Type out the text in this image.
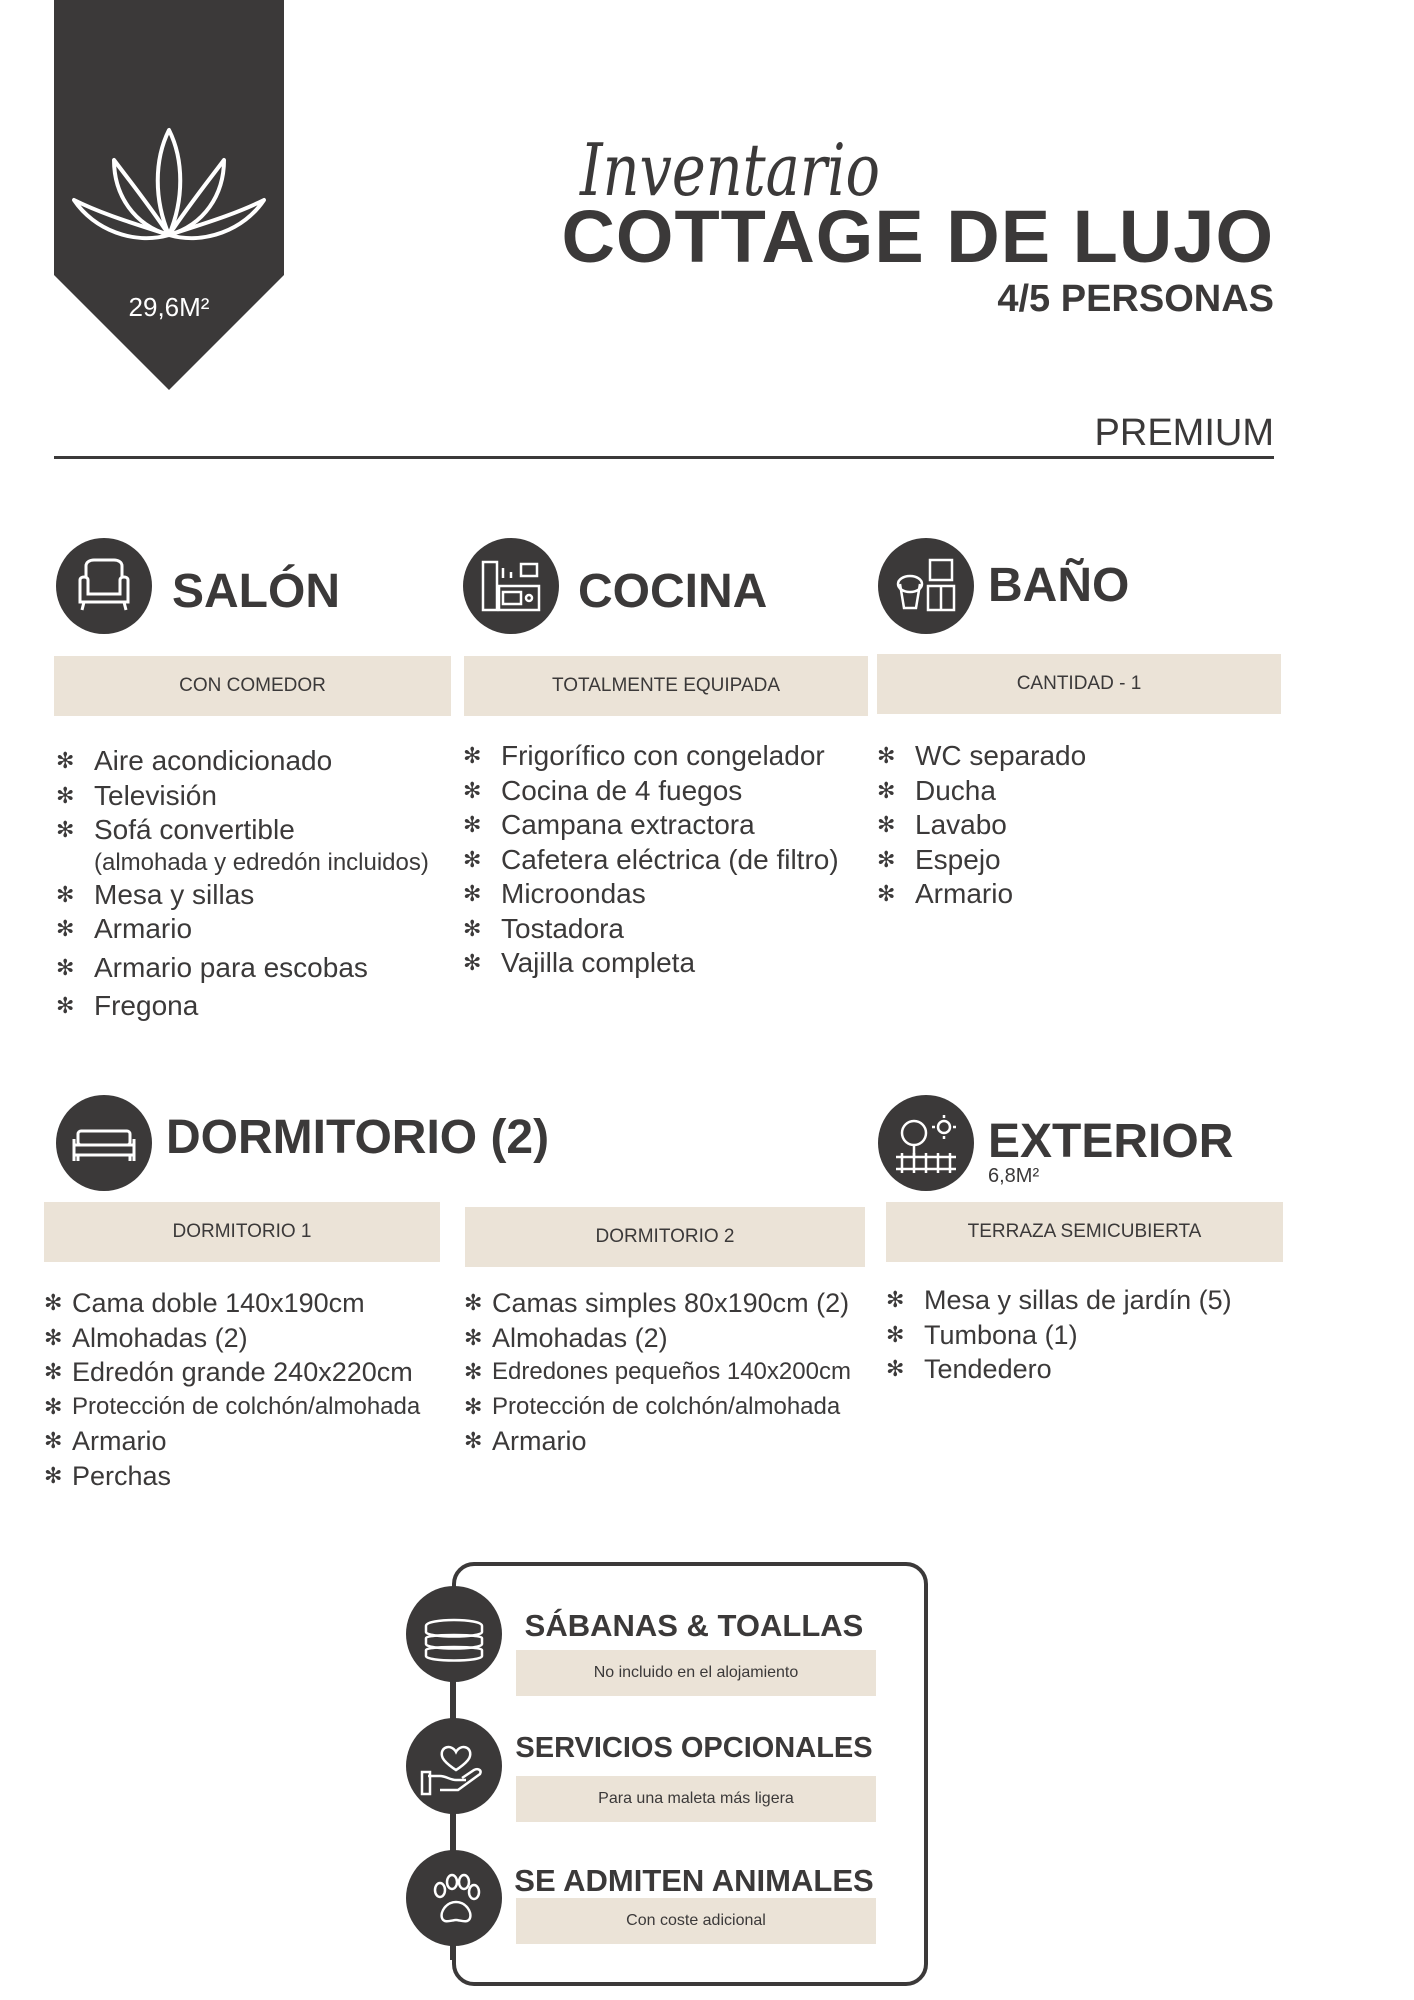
29,6M²
Inventario
COTTAGE DE LUJO
4/5 PERSONAS
PREMIUM
SALÓN
CON COMEDOR
✻ Aire acondicionado
✻ Televisión
✻ Sofá convertible
(almohada y edredón incluidos)
✻ Mesa y sillas
✻ Armario
✻ Armario para escobas
✻ Fregona
COCINA
TOTALMENTE EQUIPADA
✻ Frigorífico con congelador
✻ Cocina de 4 fuegos
✻ Campana extractora
✻ Cafetera eléctrica (de filtro)
✻ Microondas
✻ Tostadora
✻ Vajilla completa
BAÑO
CANTIDAD - 1
✻ WC separado
✻ Ducha
✻ Lavabo
✻ Espejo
✻ Armario
DORMITORIO (2)
DORMITORIO 1
✻ Cama doble 140x190cm
✻ Almohadas (2)
✻ Edredón grande 240x220cm
✻ Protección de colchón/almohada
✻ Armario
✻ Perchas
DORMITORIO 2
✻ Camas simples 80x190cm (2)
✻ Almohadas (2)
✻ Edredones pequeños 140x200cm
✻ Protección de colchón/almohada
✻ Armario
EXTERIOR
6,8M²
TERRAZA SEMICUBIERTA
✻ Mesa y sillas de jardín (5)
✻ Tumbona (1)
✻ Tendedero
SÁBANAS & TOALLAS
No incluido en el alojamiento
SERVICIOS OPCIONALES
Para una maleta más ligera
SE ADMITEN ANIMALES
Con coste adicional
